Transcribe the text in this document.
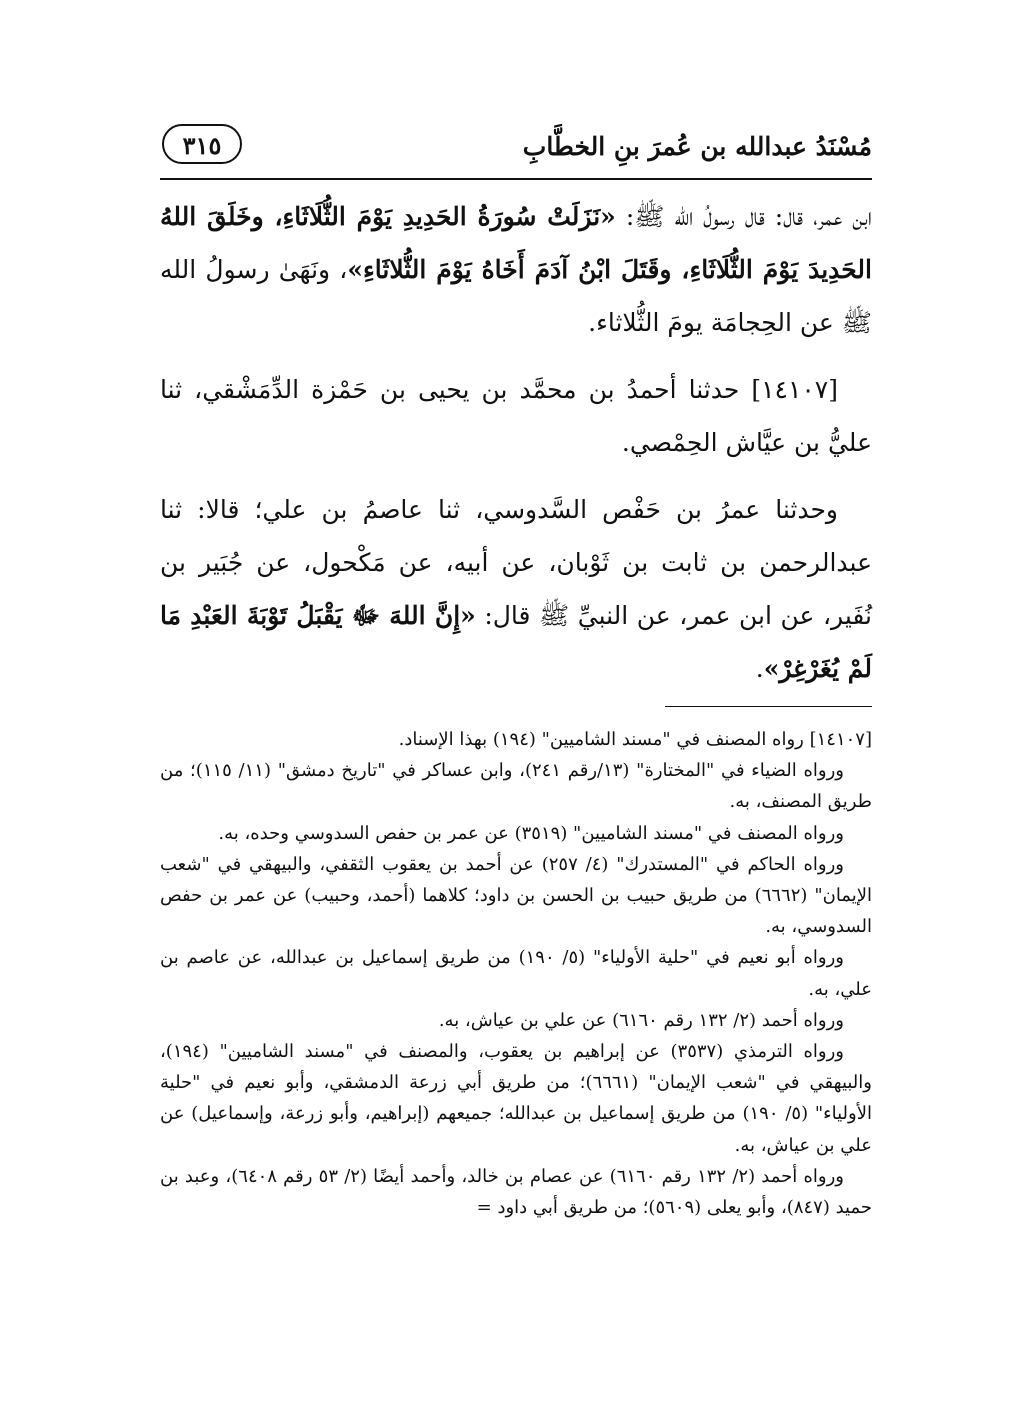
مُسْنَدُ عبدالله بن عُمرَ بنِ الخطَّابِ
٣١٥

ابن عمر، قال: قال رسولُ الله ﷺ: «نَزَلَتْ سُورَةُ الحَدِيدِ يَوْمَ الثُّلَاثَاءِ، وخَلَقَ اللهُ الحَدِيدَ يَوْمَ الثُّلَاثَاءِ، وقَتَلَ ابْنُ آدَمَ أَخَاهُ يَوْمَ الثُّلاثَاءِ»، ونَهَىٰ رسولُ الله ﷺ عن الحِجامَة يومَ الثُّلاثاء.

[١٤١٠٧] حدثنا أحمدُ بن محمَّد بن يحيى بن حَمْزة الدِّمَشْقي، ثنا عليُّ بن عيَّاش الحِمْصي.

وحدثنا عمرُ بن حَفْص السَّدوسي، ثنا عاصمُ بن علي؛ قالا: ثنا عبدالرحمن بن ثابت بن ثَوْبان، عن أبيه، عن مَكْحول، عن جُبَير بن نُفَير، عن ابن عمر، عن النبيِّ ﷺ قال: «إِنَّ اللهَ ﷻ يَقْبَلُ تَوْبَةَ العَبْدِ مَا لَمْ يُغَرْغِرْ».

[١٤١٠٧] رواه المصنف في "مسند الشاميين" (١٩٤) بهذا الإسناد.

ورواه الضياء في "المختارة" (١٣/رقم ٢٤١)، وابن عساكر في "تاريخ دمشق" (١١/ ١١٥)؛ من طريق المصنف، به.

ورواه المصنف في "مسند الشاميين" (٣٥١٩) عن عمر بن حفص السدوسي وحده، به.

ورواه الحاكم في "المستدرك" (٤/ ٢٥٧) عن أحمد بن يعقوب الثقفي، والبيهقي في "شعب الإيمان" (٦٦٦٢) من طريق حبيب بن الحسن بن داود؛ كلاهما (أحمد، وحبيب) عن عمر بن حفص السدوسي، به.

ورواه أبو نعيم في "حلية الأولياء" (٥/ ١٩٠) من طريق إسماعيل بن عبدالله، عن عاصم بن علي، به.

ورواه أحمد (٢/ ١٣٢ رقم ٦١٦٠) عن علي بن عياش، به.

ورواه الترمذي (٣٥٣٧) عن إبراهيم بن يعقوب، والمصنف في "مسند الشاميين" (١٩٤)، والبيهقي في "شعب الإيمان" (٦٦٦١)؛ من طريق أبي زرعة الدمشقي، وأبو نعيم في "حلية الأولياء" (٥/ ١٩٠) من طريق إسماعيل بن عبدالله؛ جميعهم (إبراهيم، وأبو زرعة، وإسماعيل) عن علي بن عياش، به.

ورواه أحمد (٢/ ١٣٢ رقم ٦١٦٠) عن عصام بن خالد، وأحمد أيضًا (٢/ ٥٣ رقم ٦٤٠٨)، وعبد بن حميد (٨٤٧)، وأبو يعلى (٥٦٠٩)؛ من طريق أبي داود =
